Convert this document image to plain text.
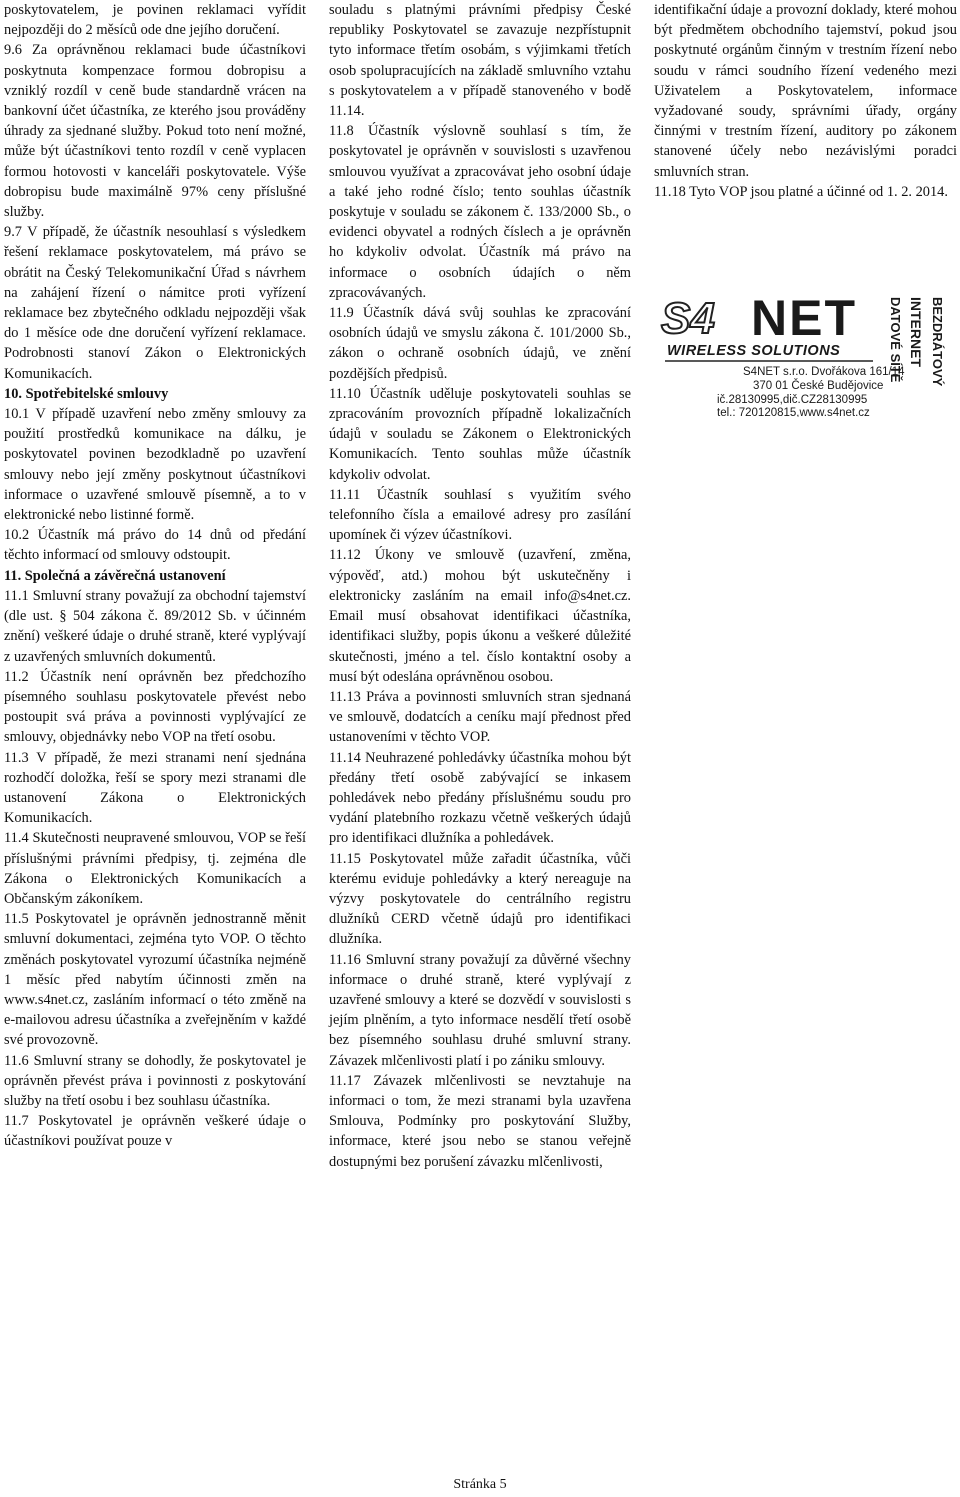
poskytovatelem, je povinen reklamaci vyřídit nejpozději do 2 měsíců ode dne jejího doručení.

9.6 Za oprávněnou reklamaci bude účastníkovi poskytnuta kompenzace formou dobropisu a vzniklý rozdíl v ceně bude standardně vrácen na bankovní účet účastníka, ze kterého jsou prováděny úhrady za sjednané služby. Pokud toto není možné, může být účastníkovi tento rozdíl v ceně vyplacen formou hotovosti v kanceláři poskytovatele. Výše dobropisu bude maximálně 97% ceny příslušné služby.

9.7 V případě, že účastník nesouhlasí s výsledkem řešení reklamace poskytovatelem, má právo se obrátit na Český Telekomunikační Úřad s návrhem na zahájení řízení o námitce proti vyřízení reklamace bez zbytečného odkladu nejpozději však do 1 měsíce ode dne doručení vyřízení reklamace. Podrobnosti stanoví Zákon o Elektronických Komunikacích.

10. Spotřebitelské smlouvy

10.1 V případě uzavření nebo změny smlouvy za použití prostředků komunikace na dálku, je poskytovatel povinen bezodkladně po uzavření smlouvy nebo její změny poskytnout účastníkovi informace o uzavřené smlouvě písemně, a to v elektronické nebo listinné formě.

10.2 Účastník má právo do 14 dnů od předání těchto informací od smlouvy odstoupit.

11. Společná a závěrečná ustanovení

11.1 Smluvní strany považují za obchodní tajemství (dle ust. § 504 zákona č. 89/2012 Sb. v účinném znění) veškeré údaje o druhé straně, které vyplývají z uzavřených smluvních dokumentů.

11.2 Účastník není oprávněn bez předchozího písemného souhlasu poskytovatele převést nebo postoupit svá práva a povinnosti vyplývající ze smlouvy, objednávky nebo VOP na třetí osobu.

11.3 V případě, že mezi stranami není sjednána rozhodčí doložka, řeší se spory mezi stranami dle ustanovení Zákona o Elektronických Komunikacích.

11.4 Skutečnosti neupravené smlouvou, VOP se řeší příslušnými právními předpisy, tj. zejména dle Zákona o Elektronických Komunikacích a Občanským zákoníkem.

11.5 Poskytovatel je oprávněn jednostranně měnit smluvní dokumentaci, zejména tyto VOP. O těchto změnách poskytovatel vyrozumí účastníka nejméně 1 měsíc před nabytím účinnosti změn na www.s4net.cz, zasláním informací o této změně na e-mailovou adresu účastníka a zveřejněním v každé své provozovně.

11.6 Smluvní strany se dohodly, že poskytovatel je oprávněn převést práva i povinnosti z poskytování služby na třetí osobu i bez souhlasu účastníka.

11.7 Poskytovatel je oprávněn veškeré údaje o účastníkovi používat pouze v

souladu s platnými právními předpisy České republiky Poskytovatel se zavazuje nezpřístupnit tyto informace třetím osobám, s výjimkami třetích osob spolupracujících na základě smluvního vztahu s poskytovatelem a v případě stanoveného v bodě 11.14.

11.8 Účastník výslovně souhlasí s tím, že poskytovatel je oprávněn v souvislosti s uzavřenou smlouvou využívat a zpracovávat jeho osobní údaje a také jeho rodné číslo; tento souhlas účastník poskytuje v souladu se zákonem č. 133/2000 Sb., o evidenci obyvatel a rodných číslech a je oprávněn ho kdykoliv odvolat. Účastník má právo na informace o osobních údajích o něm zpracovávaných.

11.9 Účastník dává svůj souhlas ke zpracování osobních údajů ve smyslu zákona č. 101/2000 Sb., zákon o ochraně osobních údajů, ve znění pozdějších předpisů.

11.10 Účastník uděluje poskytovateli souhlas se zpracováním provozních případně lokalizačních údajů v souladu se Zákonem o Elektronických Komunikacích. Tento souhlas může účastník kdykoliv odvolat.

11.11 Účastník souhlasí s využitím svého telefonního čísla a emailové adresy pro zasílání upomínek či výzev účastníkovi.

11.12 Úkony ve smlouvě (uzavření, změna, výpověď, atd.) mohou být uskutečněny i elektronicky zasláním na email info@s4net.cz. Email musí obsahovat identifikaci účastníka, identifikaci služby, popis úkonu a veškeré důležité skutečnosti, jméno a tel. číslo kontaktní osoby a musí být odeslána oprávněnou osobou.

11.13 Práva a povinnosti smluvních stran sjednaná ve smlouvě, dodatcích a ceníku mají přednost před ustanoveními v těchto VOP.

11.14 Neuhrazené pohledávky účastníka mohou být předány třetí osobě zabývající se inkasem pohledávek nebo předány příslušnému soudu pro vydání platebního rozkazu včetně veškerých údajů pro identifikaci dlužníka a pohledávek.

11.15 Poskytovatel může zařadit účastníka, vůči kterému eviduje pohledávky a který nereaguje na výzvy poskytovatele do centrálního registru dlužníků CERD včetně údajů pro identifikaci dlužníka.

11.16 Smluvní strany považují za důvěrné všechny informace o druhé straně, které vyplývají z uzavřené smlouvy a které se dozvědí v souvislosti s jejím plněním, a tyto informace nesdělí třetí osobě bez písemného souhlasu druhé smluvní strany. Závazek mlčenlivosti platí i po zániku smlouvy.

11.17 Závazek mlčenlivosti se nevztahuje na informaci o tom, že mezi stranami byla uzavřena Smlouva, Podmínky pro poskytování Služby, informace, které jsou nebo se stanou veřejně dostupnými bez porušení závazku mlčenlivosti,

identifikační údaje a provozní doklady, které mohou být předmětem obchodního tajemství, pokud jsou poskytnuté orgánům činným v trestním řízení nebo soudu v rámci soudního řízení vedeného mezi Uživatelem a Poskytovatelem, informace vyžadované soudy, správními úřady, orgány činnými v trestním řízení, auditory po zákonem stanovené účely nebo nezávislými poradci smluvních stran.

11.18 Tyto VOP jsou platné a účinné od 1. 2. 2014.

S4 NET
WIRELESS SOLUTIONS
S4NET s.r.o. Dvořákova 161/14
370 01 České Budějovice
ič.28130995,dič.CZ28130995
tel.: 720120815,www.s4net.cz
DATOVÉ SÍTĚ INTERNET BEZDRÁTOVÝ
Stránka 5
